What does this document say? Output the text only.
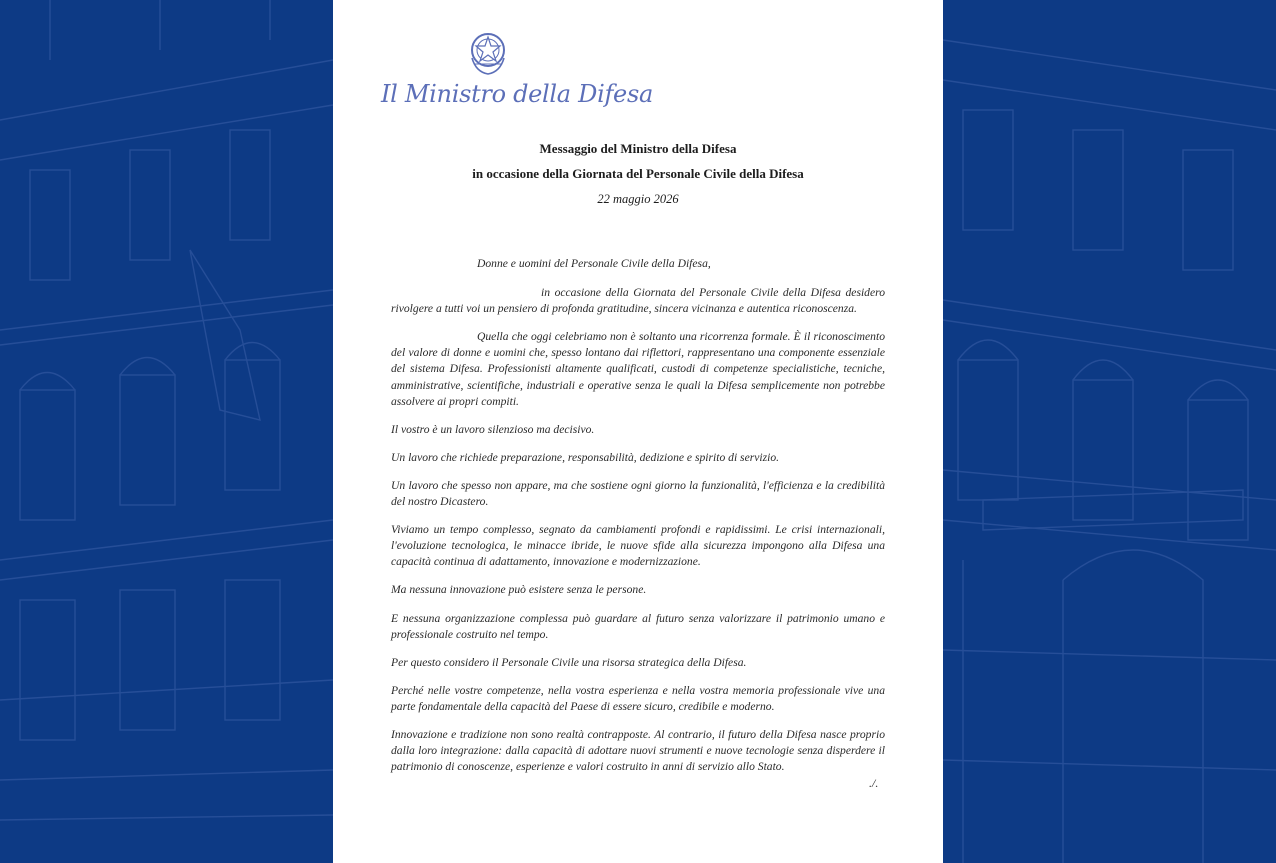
Il Ministro della Difesa
Messaggio del Ministro della Difesa
in occasione della Giornata del Personale Civile della Difesa
22 maggio 2026

Donne e uomini del Personale Civile della Difesa,

in occasione della Giornata del Personale Civile della Difesa desidero rivolgere a tutti voi un pensiero di profonda gratitudine, sincera vicinanza e autentica riconoscenza.

Quella che oggi celebriamo non è soltanto una ricorrenza formale. È il riconoscimento del valore di donne e uomini che, spesso lontano dai riflettori, rappresentano una componente essenziale del sistema Difesa. Professionisti altamente qualificati, custodi di competenze specialistiche, tecniche, amministrative, scientifiche, industriali e operative senza le quali la Difesa semplicemente non potrebbe assolvere ai propri compiti.

Il vostro è un lavoro silenzioso ma decisivo.

Un lavoro che richiede preparazione, responsabilità, dedizione e spirito di servizio.

Un lavoro che spesso non appare, ma che sostiene ogni giorno la funzionalità, l'efficienza e la credibilità del nostro Dicastero.

Viviamo un tempo complesso, segnato da cambiamenti profondi e rapidissimi. Le crisi internazionali, l'evoluzione tecnologica, le minacce ibride, le nuove sfide alla sicurezza impongono alla Difesa una capacità continua di adattamento, innovazione e modernizzazione.

Ma nessuna innovazione può esistere senza le persone.

E nessuna organizzazione complessa può guardare al futuro senza valorizzare il patrimonio umano e professionale costruito nel tempo.

Per questo considero il Personale Civile una risorsa strategica della Difesa.

Perché nelle vostre competenze, nella vostra esperienza e nella vostra memoria professionale vive una parte fondamentale della capacità del Paese di essere sicuro, credibile e moderno.

Innovazione e tradizione non sono realtà contrapposte. Al contrario, il futuro della Difesa nasce proprio dalla loro integrazione: dalla capacità di adottare nuovi strumenti e nuove tecnologie senza disperdere il patrimonio di conoscenze, esperienze e valori costruito in anni di servizio allo Stato.

./.
